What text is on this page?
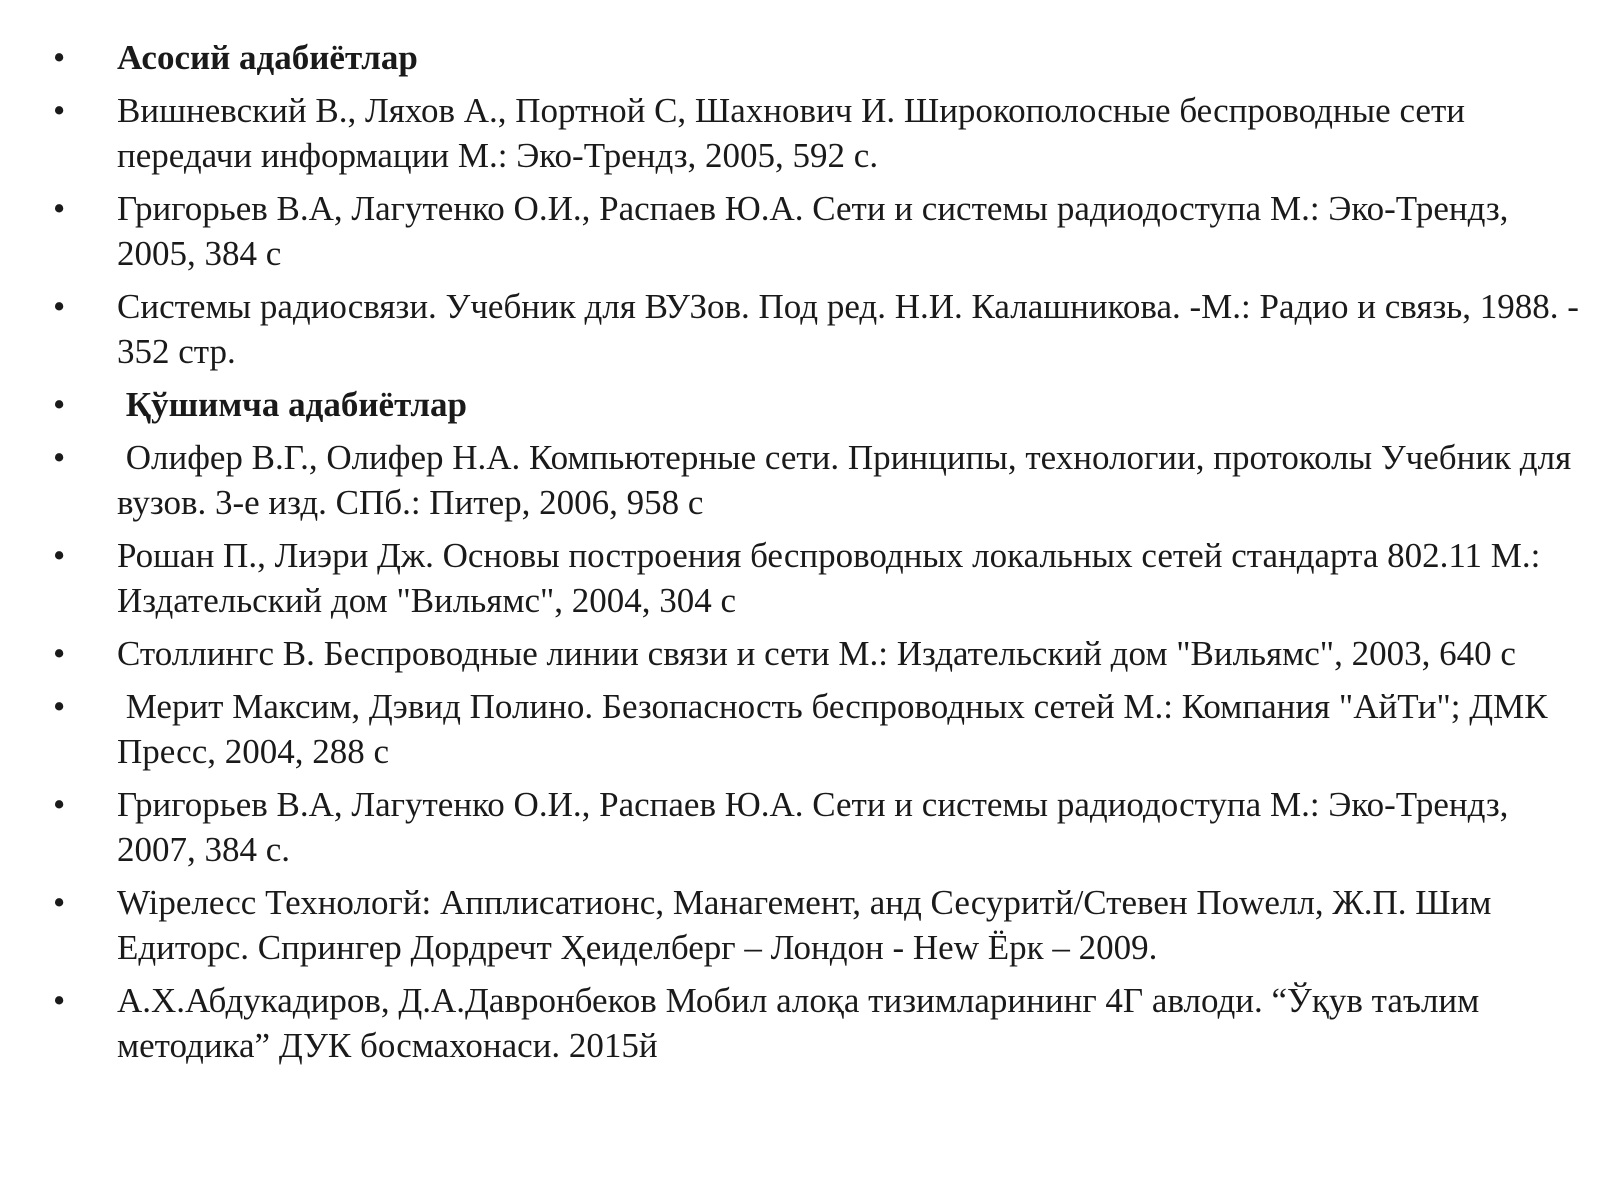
• Асосий адабиётлар
• Вишневский В., Ляхов А., Портной С, Шахнович И. Широкополосные беспроводные сети передачи информации М.: Эко-Трендз, 2005, 592 с.
• Григорьев В.А, Лагутенко О.И., Распаев Ю.А. Сети и системы радиодоступа М.: Эко-Трендз, 2005, 384 с
• Системы радиосвязи. Учебник для ВУЗов. Под ред. Н.И. Калашникова. -М.: Радио и связь, 1988. - 352 стр.
• Қўшимча адабиётлар
• Олифер В.Г., Олифер Н.А. Компьютерные сети. Принципы, технологии, протоколы Учебник для вузов. 3-е изд. СПб.: Питер, 2006, 958 с
• Рошан П., Лиэри Дж. Основы построения беспроводных локальных сетей стандарта 802.11 М.: Издательский дом "Вильямс", 2004, 304 с
• Столлингс В. Беспроводные линии связи и сети М.: Издательский дом "Вильямс", 2003, 640 с
• Мерит Максим, Дэвид Полино. Безопасность беспроводных сетей М.: Компания "АйТи"; ДМК Пресс, 2004, 288 с
• Григорьев В.А, Лагутенко О.И., Распаев Ю.А. Сети и системы радиодоступа М.: Эко-Трендз, 2007, 384 с.
• Wipелесс Технологй: Апплисатионс, Манагемент, анд Сесуритй/Стевен Поwелл, Ж.П. Шим Едиторс. Спрингер Дордречт Ҳеиделберг – Лондон - Неw Ёрк – 2009.
• А.Х.Абдукадиров, Д.А.Давронбеков Мобил алоқа тизимларининг 4Г авлоди. “Ўқув таълим методика” ДУК босмахонаси. 2015й
